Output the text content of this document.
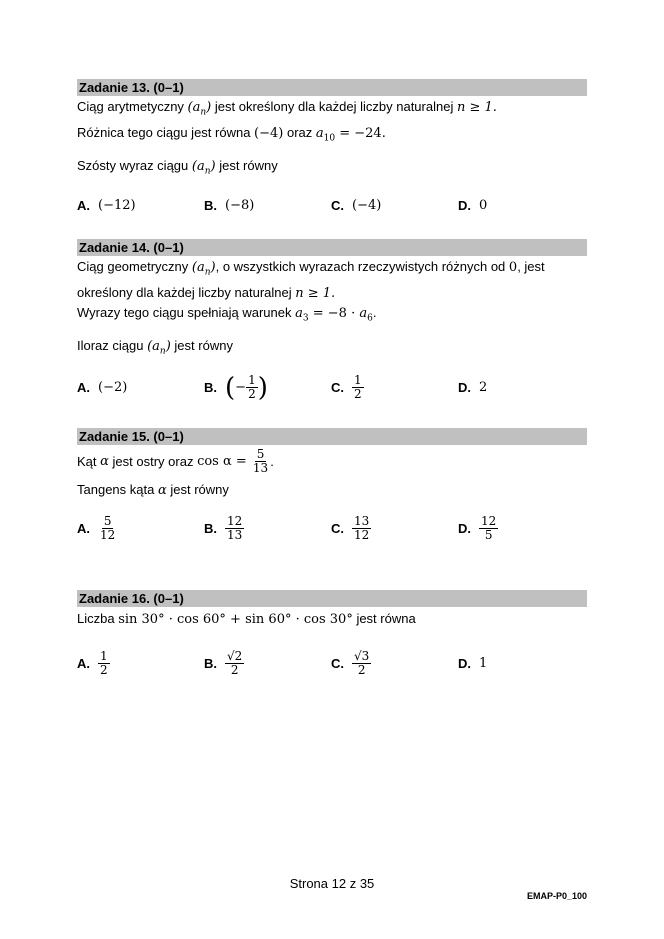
Zadanie 13. (0–1)
Ciąg arytmetyczny $(a_n)$ jest określony dla każdej liczby naturalnej n ≥ 1.
Różnica tego ciągu jest równa (−4) oraz $a_{10} = -24$.
Szósty wyraz ciągu $(a_n)$ jest równy
A. (−12)	B. (−8)	C. (−4)	D. 0
Zadanie 14. (0–1)
Ciąg geometryczny $(a_n)$, o wszystkich wyrazach rzeczywistych różnych od 0, jest
określony dla każdej liczby naturalnej n ≥ 1.
Wyrazy tego ciągu spełniają warunek $a_3 = -8 \cdot a_6$.
Iloraz ciągu $(a_n)$ jest równy
A. (−2)	B. ( − $\frac{1}{2}$ )	C. $\frac{1}{2}$	D. 2
Zadanie 15. (0–1)
Kąt
α jest ostry oraz $\cos \alpha = \frac{5}{13}$ .
Tangens kąta α jest równy
A. $\frac{5}{12}$	B. $\frac{12}{13}$	C. $\frac{13}{12}$	D. $\frac{12}{5}$
Zadanie 16. (0–1)
Liczba sin 30° · cos 60° + sin 60° · cos 30° jest równa
A. $\frac{1}{2}$	B. $\frac{√2}{2}$	C. $\frac{√3}{2}$	D. 1
Strona 12 z 35
EMAP-P0_100
